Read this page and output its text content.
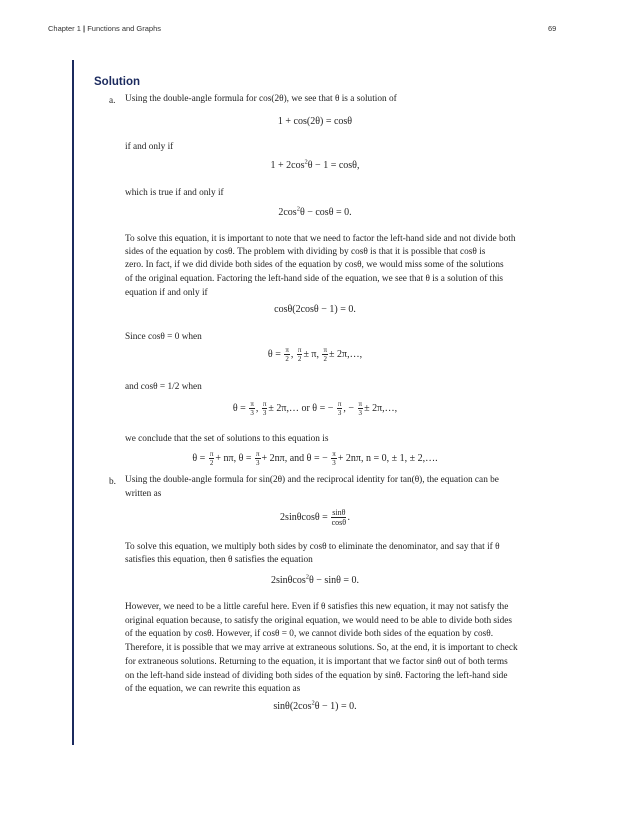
Chapter 1 | Functions and Graphs	69
Solution
a. Using the double-angle formula for cos(2θ), we see that θ is a solution of
1 + cos(2θ) = cosθ
if and only if
$1 + 2\cos^2\theta - 1 = \cos\theta$,
which is true if and only if
$2\cos^2\theta - \cos\theta = 0$.
To solve this equation, it is important to note that we need to factor the left-hand side and not divide both
sides of the equation by cosθ. The problem with dividing by cosθ is that it is possible that cosθ is
zero. In fact, if we did divide both sides of the equation by cosθ, we would miss some of the solutions
of the original equation. Factoring the left-hand side of the equation, we see that θ is a solution of this
equation if and only if
cosθ(2cosθ − 1) = 0.
Since cosθ = 0 when
$\theta = \frac{\pi}{2}$ , $\frac{\pi}{2} \pm \pi$, $\frac{\pi}{2}$ ± 2π,…,
and cosθ = 1/2 when
$\theta = \frac{\pi}{3}$ , $\frac{\pi}{3}$ ± 2π,… or θ = − $\frac{\pi}{3}$ , − $\frac{\pi}{3}$ ± 2π,…,
we conclude that the set of solutions to this equation is
$\theta = \frac{\pi}{2} + n\pi$, $\theta = \frac{\pi}{3} + 2n\pi$, and θ = − $\frac{\pi}{3} + 2n\pi$, n = 0, ± 1, ± 2,….
b. Using the double-angle formula for sin(2θ) and the reciprocal identity for tan(θ), the equation can be
written as
$2\sin\theta\cos\theta = \frac{\sin\theta}{\cos\theta}$ .
To solve this equation, we multiply both sides by cosθ to eliminate the denominator, and say that if θ
satisfies this equation, then θ satisfies the equation
2sinθcos$^2$θ − sinθ = 0.
However, we need to be a little careful here. Even if θ satisfies this new equation, it may not satisfy the
original equation because, to satisfy the original equation, we would need to be able to divide both sides
of the equation by cosθ. However, if cosθ = 0, we cannot divide both sides of the equation by cosθ.
Therefore, it is possible that we may arrive at extraneous solutions. So, at the end, it is important to check
for extraneous solutions. Returning to the equation, it is important that we factor sinθ out of both terms
on the left-hand side instead of dividing both sides of the equation by sinθ. Factoring the left-hand side
of the equation, we can rewrite this equation as
$\sin\theta(2\cos^2\theta - 1) = 0$.
